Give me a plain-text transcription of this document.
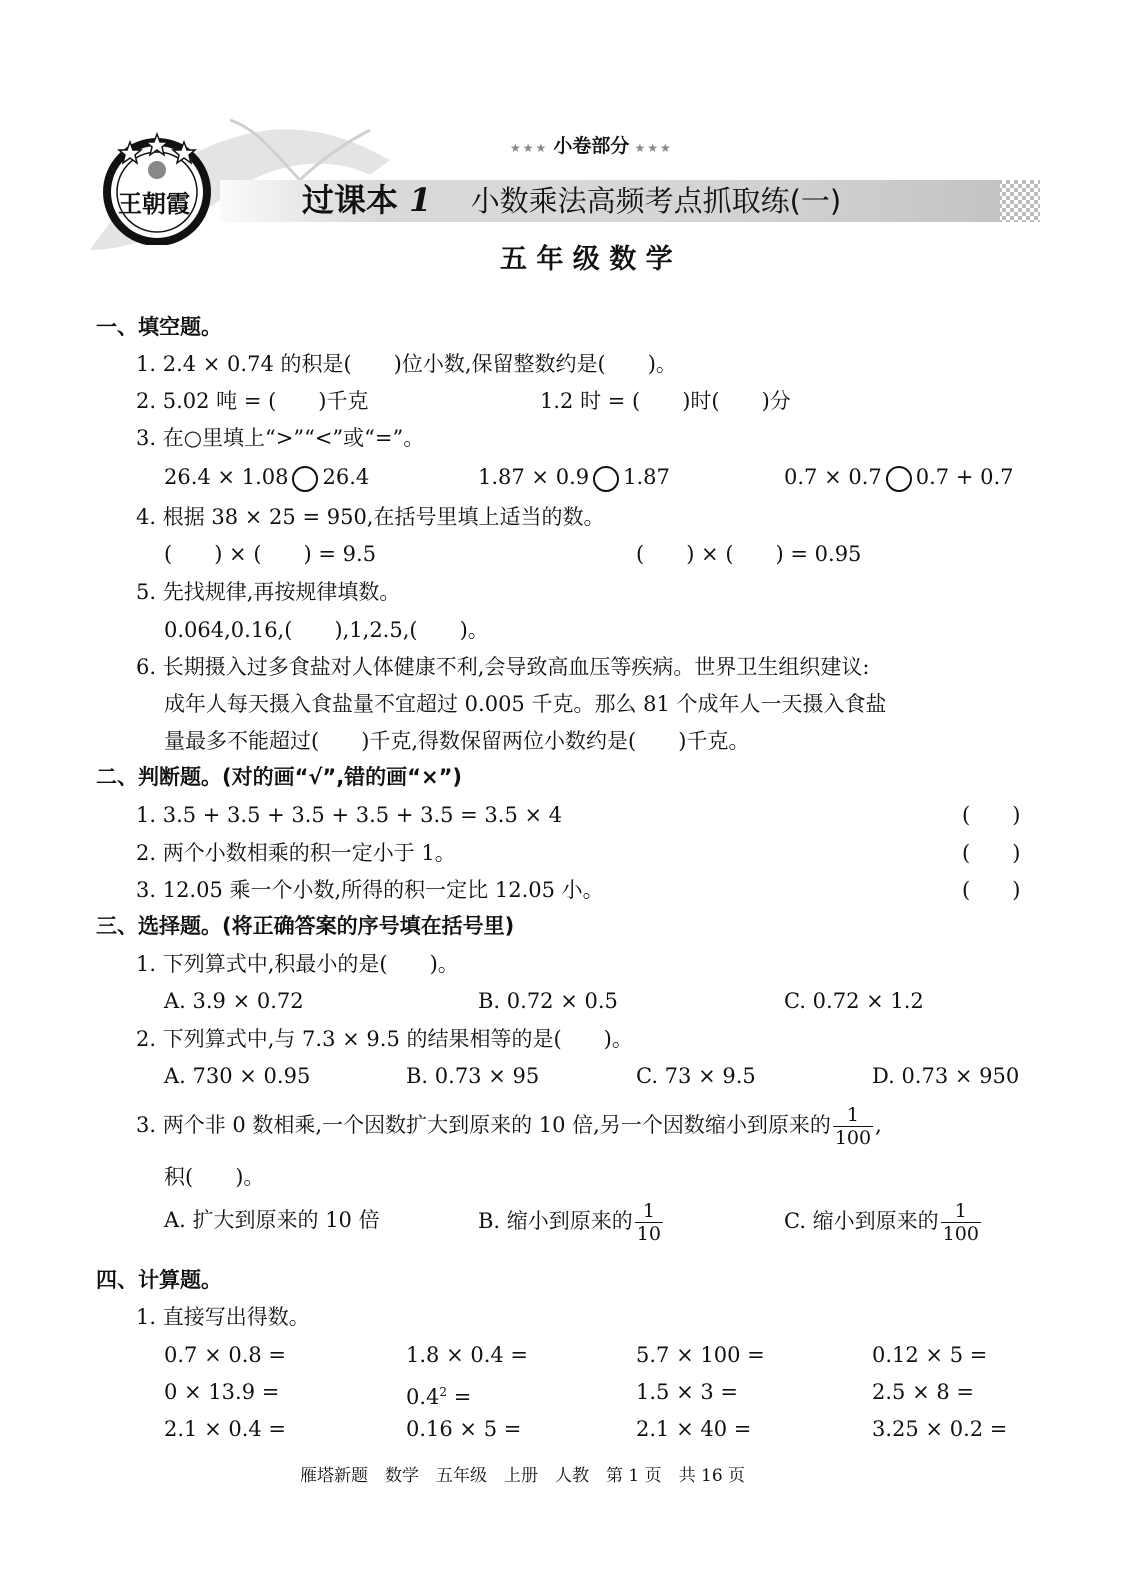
王朝霞
★★★ 小卷部分 ★★★
过课本 1 小数乘法高频考点抓取练(一)
五 年 级 数 学
一、填空题。
1. 2.4 × 0.74 的积是(　　)位小数,保留整数约是(　　)。
2. 5.02 吨 = (　　)千克	1.2 时 = (　　)时(　　)分
3. 在○里填上“>”“<”或“=”。
26.4 × 1.08 26.4	1.87 × 0.9 1.87	0.7 × 0.7 0.7 + 0.7
4. 根据 38 × 25 = 950,在括号里填上适当的数。
(　　) × (　　) = 9.5	(　　) × (　　) = 0.95
5. 先找规律,再按规律填数。
0.064,0.16,(　　),1,2.5,(　　)。
6. 长期摄入过多食盐对人体健康不利,会导致高血压等疾病。世界卫生组织建议:
成年人每天摄入食盐量不宜超过 0.005 千克。那么 81 个成年人一天摄入食盐
量最多不能超过(　　)千克,得数保留两位小数约是(　　)千克。
二、判断题。(对的画“√”,错的画“×”)
1. 3.5 + 3.5 + 3.5 + 3.5 + 3.5 = 3.5 × 4	(　　)
2. 两个小数相乘的积一定小于 1。	(　　)
3. 12.05 乘一个小数,所得的积一定比 12.05 小。	(　　)
三、选择题。(将正确答案的序号填在括号里)
1. 下列算式中,积最小的是(　　)。
A. 3.9 × 0.72	B. 0.72 × 0.5	C. 0.72 × 1.2
2. 下列算式中,与 7.3 × 9.5 的结果相等的是(　　)。
A. 730 × 0.95	B. 0.73 × 95	C. 73 × 9.5	D. 0.73 × 950
3. 两个非 0 数相乘,一个因数扩大到原来的 10 倍,另一个因数缩小到原来的 $\frac{1}{100}$ ,
积(　　)。
A. 扩大到原来的 10 倍	B. 缩小到原来的 $\frac{1}{10}$	C. 缩小到原来的 $\frac{1}{100}$
四、计算题。
1. 直接写出得数。
0.7 × 0.8 =	1.8 × 0.4 =	5.7 × 100 =	0.12 × 5 =
0 × 13.9 =	$0.4^2$ =	1.5 × 3 =	2.5 × 8 =
2.1 × 0.4 =	0.16 × 5 =	2.1 × 40 =	3.25 × 0.2 =
雁塔新题　数学　五年级　上册　人教　第 1 页　共 16 页
